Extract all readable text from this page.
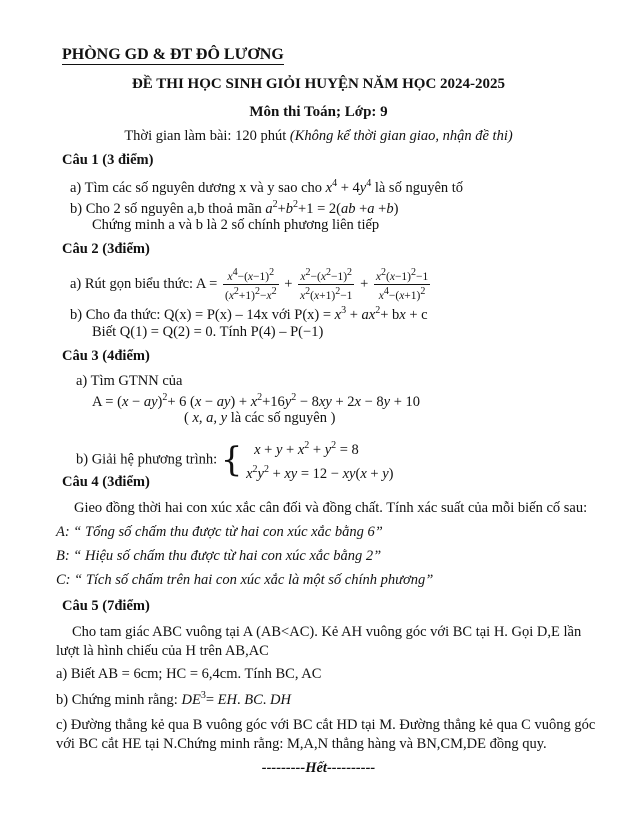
PHÒNG GD & ĐT ĐÔ LƯƠNG
ĐỀ THI HỌC SINH GIỎI HUYỆN NĂM HỌC 2024-2025
Môn thi Toán; Lớp: 9
Thời gian làm bài: 120 phút (Không kể thời gian giao, nhận đề thi)
Câu 1 (3 điểm)
a) Tìm các số nguyên dương x và y sao cho $x^4 + 4y^4$ là số nguyên tố
b) Cho 2 số nguyên a,b thoả mãn $a^2+b^2+1 = 2(ab +a +b)$
Chứng minh a và b là 2 số chính phương liên tiếp
Câu 2 (3điểm)
a) Rút gọn biểu thức: $A = \frac{x^4-(x-1)^2}{(x^2+1)^2-x^2} + \frac{x^2-(x^2-1)^2}{x^2(x+1)^2-1} + \frac{x^2(x-1)^2-1}{x^4-(x+1)^2}$
b) Cho đa thức: Q(x) = P(x) – 14x với $P(x) = x^3 + ax^2+$ bx + c
Biết Q(1) = Q(2) = 0. Tính P(4) – P(−1)
Câu 3 (4điểm)
a) Tìm GTNN của
A = (x − ay)$^2$+ 6 $(x - ay) + x^2+16y^2 - 8xy + 2x - 8y + 10$
( x, a, y là các số nguyên )
b) Giải hệ phương trình: { $x + y + x^2 + y^2 = 8$
$x^2y^2$ + xy = 12 − xy(x + y)
Câu 4 (3điểm)
Gieo đồng thời hai con xúc xắc cân đối và đồng chất. Tính xác suất của mỗi biến cố sau:
A: “ Tổng số chấm thu được từ hai con xúc xắc bằng 6”
B: “ Hiệu số chấm thu được từ hai con xúc xắc bằng 2”
C: “ Tích số chấm trên hai con xúc xắc là một số chính phương”
Câu 5 (7điểm)
Cho tam giác ABC vuông tại A (AB<AC). Kẻ AH vuông góc với BC tại H. Gọi D,E lần
lượt là hình chiếu của H trên AB,AC
a) Biết AB = 6cm; HC = 6,4cm. Tính BC, AC
b) Chứng minh rằng: $DE^3=$ EH. BC. DH
c) Đường thẳng kẻ qua B vuông góc với BC cắt HD tại M. Đường thẳng kẻ qua C vuông góc
với BC cắt HE tại N.Chứng minh rằng: M,A,N thẳng hàng và BN,CM,DE đồng quy.
---------Hết----------
